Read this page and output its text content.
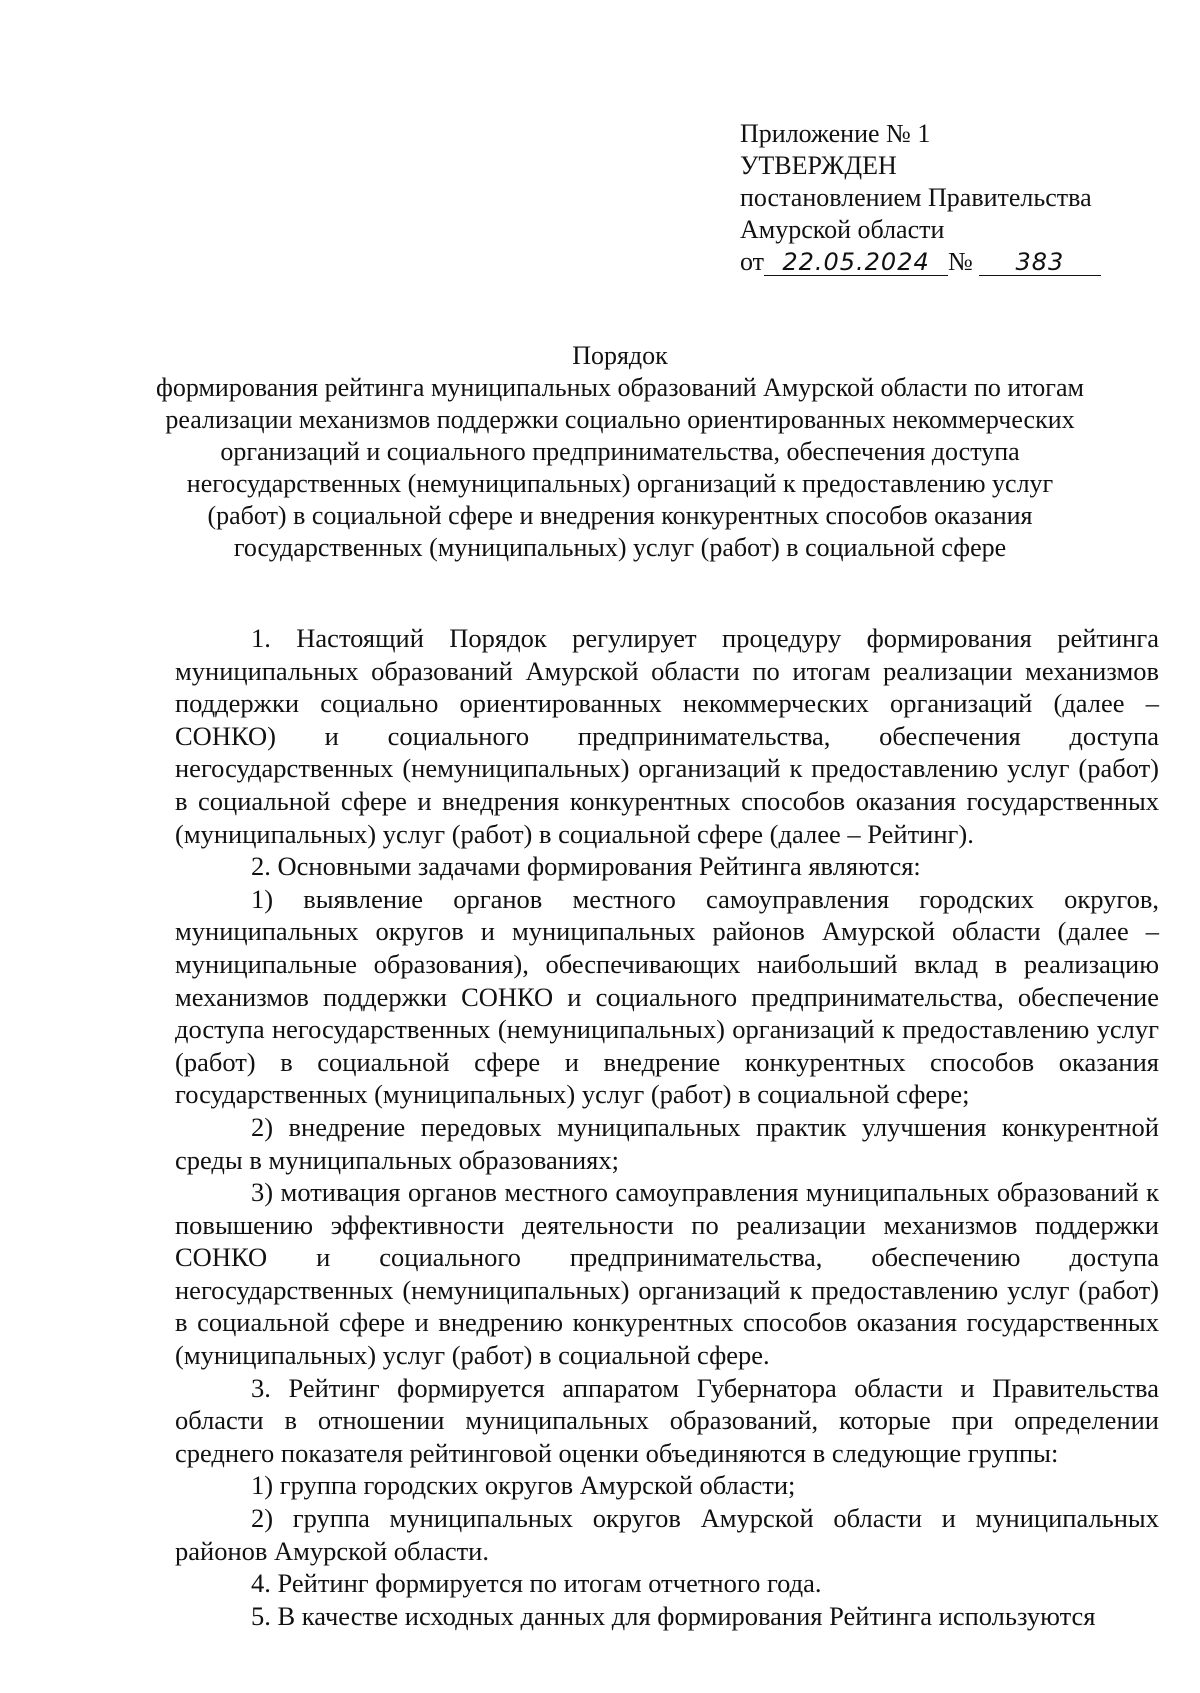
Приложение № 1
УТВЕРЖДЕН
постановлением Правительства
Амурской области
от 22.05.2024 № 383
Порядок
формирования рейтинга муниципальных образований Амурской области по итогам реализации механизмов поддержки социально ориентированных некоммерческих организаций и социального предпринимательства, обеспечения доступа негосударственных (немуниципальных) организаций к предоставлению услуг (работ) в социальной сфере и внедрения конкурентных способов оказания государственных (муниципальных) услуг (работ) в социальной сфере

1. Настоящий Порядок регулирует процедуру формирования рейтинга муниципальных образований Амурской области по итогам реализации механизмов поддержки социально ориентированных некоммерческих организаций (далее – СОНКО) и социального предпринимательства, обеспечения доступа негосударственных (немуниципальных) организаций к предоставлению услуг (работ) в социальной сфере и внедрения конкурентных способов оказания государственных (муниципальных) услуг (работ) в социальной сфере (далее – Рейтинг).

2. Основными задачами формирования Рейтинга являются:

1) выявление органов местного самоуправления городских округов, муниципальных округов и муниципальных районов Амурской области (далее – муниципальные образования), обеспечивающих наибольший вклад в реализацию механизмов поддержки СОНКО и социального предпринимательства, обеспечение доступа негосударственных (немуниципальных) организаций к предоставлению услуг (работ) в социальной сфере и внедрение конкурентных способов оказания государственных (муниципальных) услуг (работ) в социальной сфере;

2) внедрение передовых муниципальных практик улучшения конкурентной среды в муниципальных образованиях;

3) мотивация органов местного самоуправления муниципальных образований к повышению эффективности деятельности по реализации механизмов поддержки СОНКО и социального предпринимательства, обеспечению доступа негосударственных (немуниципальных) организаций к предоставлению услуг (работ) в социальной сфере и внедрению конкурентных способов оказания государственных (муниципальных) услуг (работ) в социальной сфере.

3. Рейтинг формируется аппаратом Губернатора области и Правительства области в отношении муниципальных образований, которые при определении среднего показателя рейтинговой оценки объединяются в следующие группы:

1) группа городских округов Амурской области;

2) группа муниципальных округов Амурской области и муниципальных районов Амурской области.

4. Рейтинг формируется по итогам отчетного года.

5. В качестве исходных данных для формирования Рейтинга используются
